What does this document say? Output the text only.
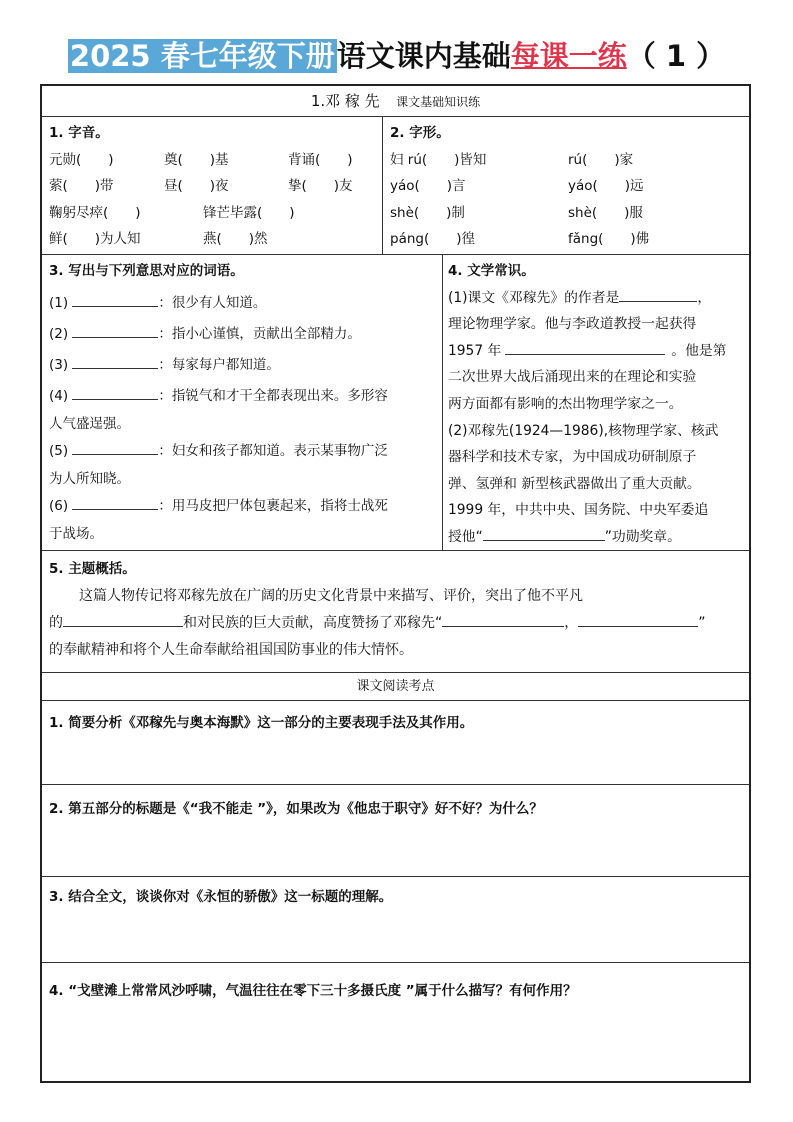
2025 春七年级下册语文课内基础每课一练（ 1 ）
1.邓 稼 先 课文基础知识练
1. 字音。
元勋(　　)	奠(　　)基	背诵(　　)
萦(　　)带	昼(　　)夜	挚(　　)友
鞠躬尽瘁(　　)	锋芒毕露(　　)
鲜(　　)为人知	燕(　　)然
2. 字形。
妇 rú(　　)皆知	rú(　　)家
yáo(　　)言	yáo(　　)远
shè(　　)制	shè(　　)服
páng(　　)徨	fǎng(　　)佛
3. 写出与下列意思对应的词语。
(1)	：很少有人知道。
(2)	：指小心谨慎，贡献出全部精力。
(3)	：每家每户都知道。
(4)	：指锐气和才干全都表现出来。多形容
人气盛逞强。
(5)	：妇女和孩子都知道。表示某事物广泛
为人所知晓。
(6)	：用马皮把尸体包裹起来，指将士战死
于战场。
4. 文学常识。
(1)课文《邓稼先》的作者是	，
理论物理学家。他与李政道教授一起获得
1957 年	。他是第
二次世界大战后涌现出来的在理论和实验
两方面都有影响的杰出物理学家之一。
(2)邓稼先(1924—1986),核物理学家、核武
器科学和技术专家，为中国成功研制原子
弹、氢弹和 新型核武器做出了重大贡献。
1999 年，中共中央、国务院、中央军委追
授他“	”功勋奖章。
5. 主题概括。
这篇人物传记将邓稼先放在广阔的历史文化背景中来描写、评价，突出了他不平凡
的	和对民族的巨大贡献，高度赞扬了邓稼先“	，	”
的奉献精神和将个人生命奉献给祖国国防事业的伟大情怀。
课文阅读考点
1. 简要分析《邓稼先与奥本海默》这一部分的主要表现手法及其作用。
2. 第五部分的标题是《“我不能走 ”》，如果改为《他忠于职守》好不好？为什么？
3. 结合全文，谈谈你对《永恒的骄傲》这一标题的理解。
4. “戈壁滩上常常风沙呼啸，气温往往在零下三十多摄氏度 ”属于什么描写？有何作用？
